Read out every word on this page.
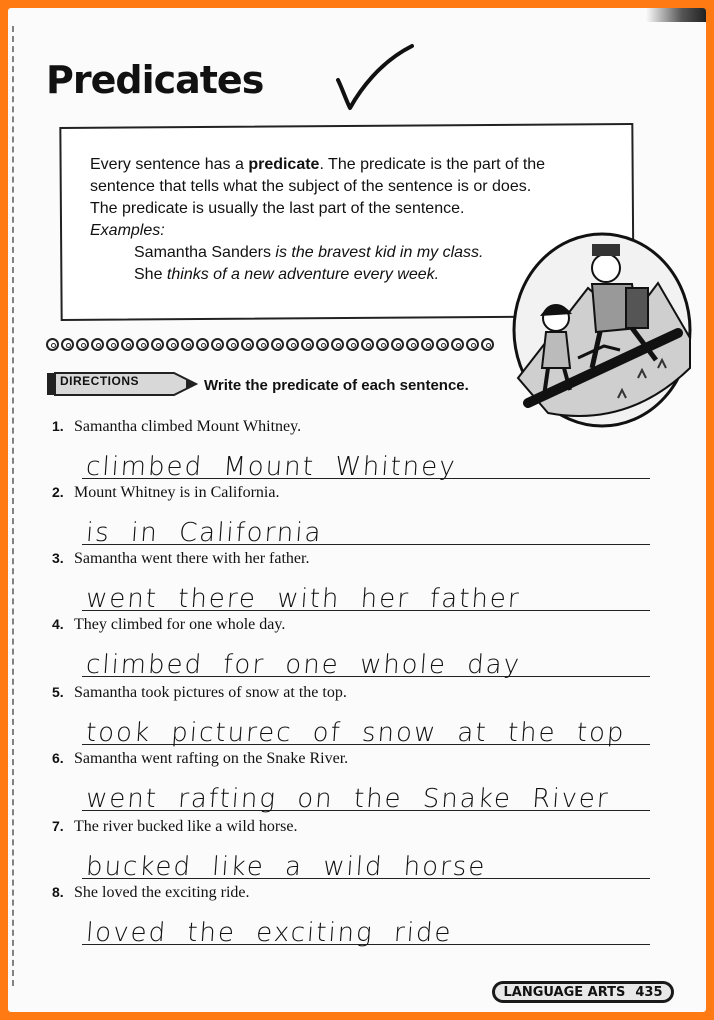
Predicates

Every sentence has a predicate. The predicate is the part of the

sentence that tells what the subject of the sentence is or does.

The predicate is usually the last part of the sentence.

Examples:

Samantha Sanders is the bravest kid in my class.

She thinks of a new adventure every week.

DIRECTIONS	Write the predicate of each sentence.
1. Samantha climbed Mount Whitney.
climbed Mount Whitney
2. Mount Whitney is in California.
is in California
3. Samantha went there with her father.
went there with her father
4. They climbed for one whole day.
climbed for one whole day
5. Samantha took pictures of snow at the top.
took picturec of snow at the top
6. Samantha went rafting on the Snake River.
went rafting on the Snake River
7. The river bucked like a wild horse.
bucked like a wild horse
8. She loved the exciting ride.
loved the exciting ride
LANGUAGE ARTS 435
